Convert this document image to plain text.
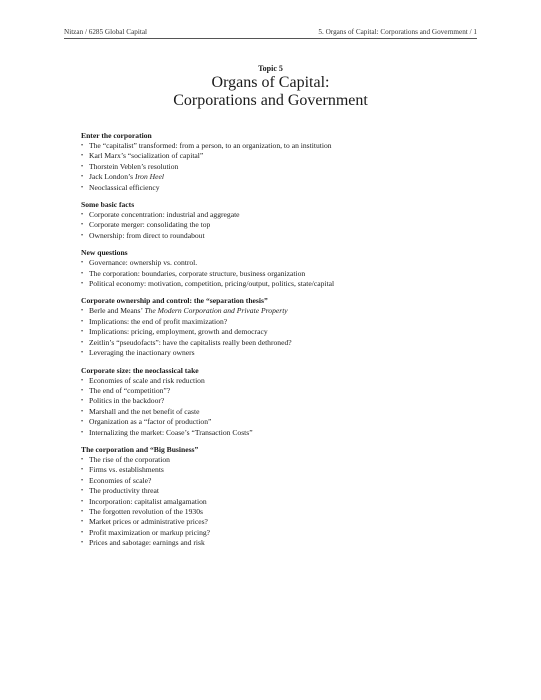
Nitzan / 6285 Global Capital	5. Organs of Capital: Corporations and Government / 1
Topic 5
Organs of Capital:
Corporations and Government
Enter the corporation
• The “capitalist” transformed: from a person, to an organization, to an institution
• Karl Marx’s “socialization of capital”
• Thorstein Veblen’s resolution
• Jack London’s Iron Heel
• Neoclassical efficiency
Some basic facts
• Corporate concentration: industrial and aggregate
• Corporate merger: consolidating the top
• Ownership: from direct to roundabout
New questions
• Governance: ownership vs. control.
• The corporation: boundaries, corporate structure, business organization
• Political economy: motivation, competition, pricing/output, politics, state/capital
Corporate ownership and control: the “separation thesis”
• Berle and Means’ The Modern Corporation and Private Property
• Implications: the end of profit maximization?
• Implications: pricing, employment, growth and democracy
• Zeitlin’s “pseudofacts”: have the capitalists really been dethroned?
• Leveraging the inactionary owners
Corporate size: the neoclassical take
• Economies of scale and risk reduction
• The end of “competition”?
• Politics in the backdoor?
• Marshall and the net benefit of caste
• Organization as a “factor of production”
• Internalizing the market: Coase’s “Transaction Costs”
The corporation and “Big Business”
• The rise of the corporation
• Firms vs. establishments
• Economies of scale?
• The productivity threat
• Incorporation: capitalist amalgamation
• The forgotten revolution of the 1930s
• Market prices or administrative prices?
• Profit maximization or markup pricing?
• Prices and sabotage: earnings and risk
